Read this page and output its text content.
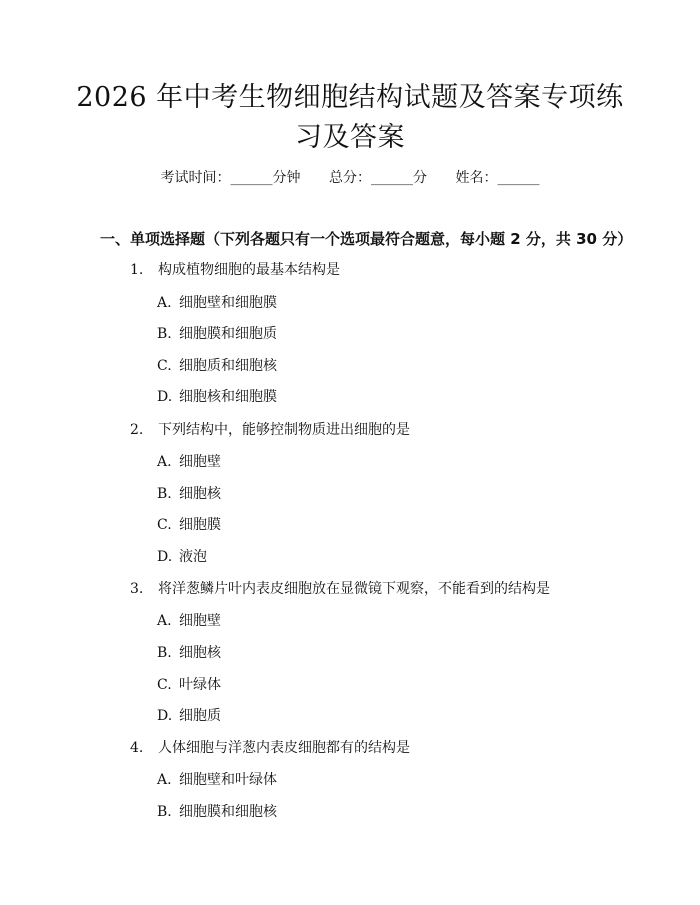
2026 年中考生物细胞结构试题及答案专项练
习及答案
考试时间：______分钟 总分：______分 姓名：______
一、单项选择题（下列各题只有一个选项最符合题意，每小题 2 分，共 30 分）
1. 构成植物细胞的最基本结构是
A. 细胞壁和细胞膜
B. 细胞膜和细胞质
C. 细胞质和细胞核
D. 细胞核和细胞膜
2. 下列结构中，能够控制物质进出细胞的是
A. 细胞壁
B. 细胞核
C. 细胞膜
D. 液泡
3. 将洋葱鳞片叶内表皮细胞放在显微镜下观察，不能看到的结构是
A. 细胞壁
B. 细胞核
C. 叶绿体
D. 细胞质
4. 人体细胞与洋葱内表皮细胞都有的结构是
A. 细胞壁和叶绿体
B. 细胞膜和细胞核
